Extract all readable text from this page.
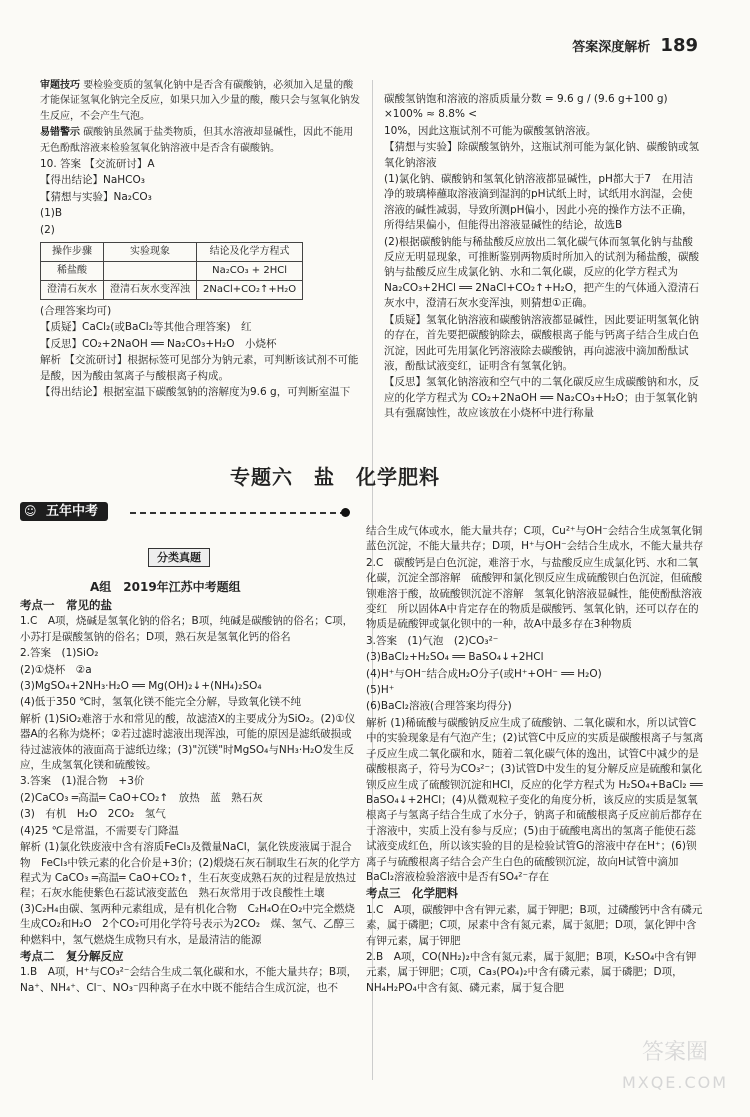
答案深度解析 189

审题技巧 要检验变质的氢氧化钠中是否含有碳酸钠，必须加入足量的酸才能保证氢氧化钠完全反应，如果只加入少量的酸，酸只会与氢氧化钠发生反应，不会产生气泡。

易错警示 碳酸钠虽然属于盐类物质，但其水溶液却显碱性，因此不能用无色酚酞溶液来检验氢氧化钠溶液中是否含有碳酸钠。

10. 答案 【交流研讨】A

【得出结论】NaHCO₃

【猜想与实验】Na₂CO₃

(1)B

(2)

操作步骤	实验现象	结论及化学方程式
稀盐酸		Na₂CO₃ + 2HCl
澄清石灰水	澄清石灰水变浑浊	2NaCl+CO₂↑+H₂O

(合理答案均可)

【质疑】CaCl₂(或BaCl₂等其他合理答案)　红

【反思】CO₂+2NaOH ══ Na₂CO₃+H₂O　小烧杯

解析 【交流研讨】根据标签可见部分为钠元素，可判断该试剂不可能是酸，因为酸由氢离子与酸根离子构成。

【得出结论】根据室温下碳酸氢钠的溶解度为9.6 g，可判断室温下

碳酸氢钠饱和溶液的溶质质量分数 = 9.6 g / (9.6 g+100 g) ×100% ≈ 8.8% <

10%，因此这瓶试剂不可能为碳酸氢钠溶液。

【猜想与实验】除碳酸氢钠外，这瓶试剂可能为氯化钠、碳酸钠或氢氧化钠溶液

(1)氯化钠、碳酸钠和氢氧化钠溶液都显碱性，pH都大于7　在用洁净的玻璃棒蘸取溶液滴到湿润的pH试纸上时，试纸用水润湿，会使溶液的碱性减弱，导致所测pH偏小，因此小亮的操作方法不正确，所得结果偏小，但能得出溶液显碱性的结论，故选B

(2)根据碳酸钠能与稀盐酸反应放出二氧化碳气体而氢氧化钠与盐酸反应无明显现象，可推断鉴别两物质时所加入的试剂为稀盐酸，碳酸钠与盐酸反应生成氯化钠、水和二氧化碳，反应的化学方程式为 Na₂CO₃+2HCl ══ 2NaCl+CO₂↑+H₂O，把产生的气体通入澄清石灰水中，澄清石灰水变浑浊，则猜想①正确。

【质疑】氢氧化钠溶液和碳酸钠溶液都显碱性，因此要证明氢氧化钠的存在，首先要把碳酸钠除去，碳酸根离子能与钙离子结合生成白色沉淀，因此可先用氯化钙溶液除去碳酸钠，再向滤液中滴加酚酞试液，酚酞试液变红，证明含有氢氧化钠。

【反思】氢氧化钠溶液和空气中的二氧化碳反应生成碳酸钠和水，反应的化学方程式为 CO₂+2NaOH ══ Na₂CO₃+H₂O；由于氢氧化钠具有强腐蚀性，故应该放在小烧杯中进行称量

专题六　盐　化学肥料
☺ 五年中考
分类真题
A组　2019年江苏中考题组

考点一　常见的盐

1.C　A项，烧碱是氢氧化钠的俗名；B项，纯碱是碳酸钠的俗名；C项，小苏打是碳酸氢钠的俗名；D项，熟石灰是氢氧化钙的俗名

2.答案　(1)SiO₂

(2)①烧杯　②a

(3)MgSO₄+2NH₃·H₂O ══ Mg(OH)₂↓+(NH₄)₂SO₄

(4)低于350 ℃时，氢氧化镁不能完全分解，导致氧化镁不纯

解析 (1)SiO₂难溶于水和常见的酸，故滤渣X的主要成分为SiO₂。(2)①仪器A的名称为烧杯；②若过滤时滤液出现浑浊，可能的原因是滤纸破损或待过滤液体的液面高于滤纸边缘；(3)"沉镁"时MgSO₄与NH₃·H₂O发生反应，生成氢氧化镁和硫酸铵。

3.答案　(1)混合物　+3价

(2)CaCO₃ ═高温═ CaO+CO₂↑　放热　蓝　熟石灰

(3)　有机　H₂O　2CO₂　氢气

(4)25 ℃是常温，不需要专门降温

解析 (1)氯化铁废液中含有溶质FeCl₃及微量NaCl，氯化铁废液属于混合物　FeCl₃中铁元素的化合价是+3价；(2)煅烧石灰石制取生石灰的化学方程式为 CaCO₃ ═高温═ CaO+CO₂↑，生石灰变成熟石灰的过程是放热过程；石灰水能使紫色石蕊试液变蓝色　熟石灰常用于改良酸性土壤　(3)C₂H₄由碳、氢两种元素组成，是有机化合物　C₂H₄O在O₂中完全燃烧生成CO₂和H₂O　2个CO₂可用化学符号表示为2CO₂　煤、氢气、乙醇三种燃料中，氢气燃烧生成物只有水，是最清洁的能源

考点二　复分解反应

1.B　A项，H⁺与CO₃²⁻会结合生成二氧化碳和水，不能大量共存；B项，Na⁺、NH₄⁺、Cl⁻、NO₃⁻四种离子在水中既不能结合生成沉淀，也不

结合生成气体或水，能大量共存；C项，Cu²⁺与OH⁻会结合生成氢氧化铜蓝色沉淀，不能大量共存；D项，H⁺与OH⁻会结合生成水，不能大量共存

2.C　碳酸钙是白色沉淀，难溶于水，与盐酸反应生成氯化钙、水和二氧化碳，沉淀全部溶解　硫酸钾和氯化钡反应生成硫酸钡白色沉淀，但硫酸钡难溶于酸，故硫酸钡沉淀不溶解　氢氧化钠溶液显碱性，能使酚酞溶液变红　所以固体A中肯定存在的物质是碳酸钙、氢氧化钠，还可以存在的物质是硫酸钾或氯化钡中的一种，故A中最多存在3种物质

3.答案　(1)气泡　(2)CO₃²⁻

(3)BaCl₂+H₂SO₄ ══ BaSO₄↓+2HCl

(4)H⁺与OH⁻结合成H₂O分子(或H⁺+OH⁻ ══ H₂O)

(5)H⁺

(6)BaCl₂溶液(合理答案均得分)

解析 (1)稀硫酸与碳酸钠反应生成了硫酸钠、二氧化碳和水，所以试管C中的实验现象是有气泡产生；(2)试管C中反应的实质是碳酸根离子与氢离子反应生成二氧化碳和水，随着二氧化碳气体的逸出，试管C中减少的是碳酸根离子，符号为CO₃²⁻；(3)试管D中发生的复分解反应是硫酸和氯化钡反应生成了硫酸钡沉淀和HCl，反应的化学方程式为 H₂SO₄+BaCl₂ ══ BaSO₄↓+2HCl；(4)从微观粒子变化的角度分析，该反应的实质是氢氧根离子与氢离子结合生成了水分子，钠离子和硫酸根离子反应前后都存在于溶液中，实质上没有参与反应；(5)由于硫酸电离出的氢离子能使石蕊试液变成红色，所以该实验的目的是检验试管G的溶液中存在H⁺；(6)钡离子与硫酸根离子结合会产生白色的硫酸钡沉淀，故向H试管中滴加BaCl₂溶液检验溶液中是否有SO₄²⁻存在

考点三　化学肥料

1.C　A项，碳酸钾中含有钾元素，属于钾肥；B项，过磷酸钙中含有磷元素，属于磷肥；C项，尿素中含有氮元素，属于氮肥；D项，氯化钾中含有钾元素，属于钾肥

2.B　A项，CO(NH₂)₂中含有氮元素，属于氮肥；B项，K₂SO₄中含有钾元素，属于钾肥；C项，Ca₃(PO₄)₂中含有磷元素，属于磷肥；D项，NH₄H₂PO₄中含有氮、磷元素，属于复合肥

答案圈
MXQE.COM
